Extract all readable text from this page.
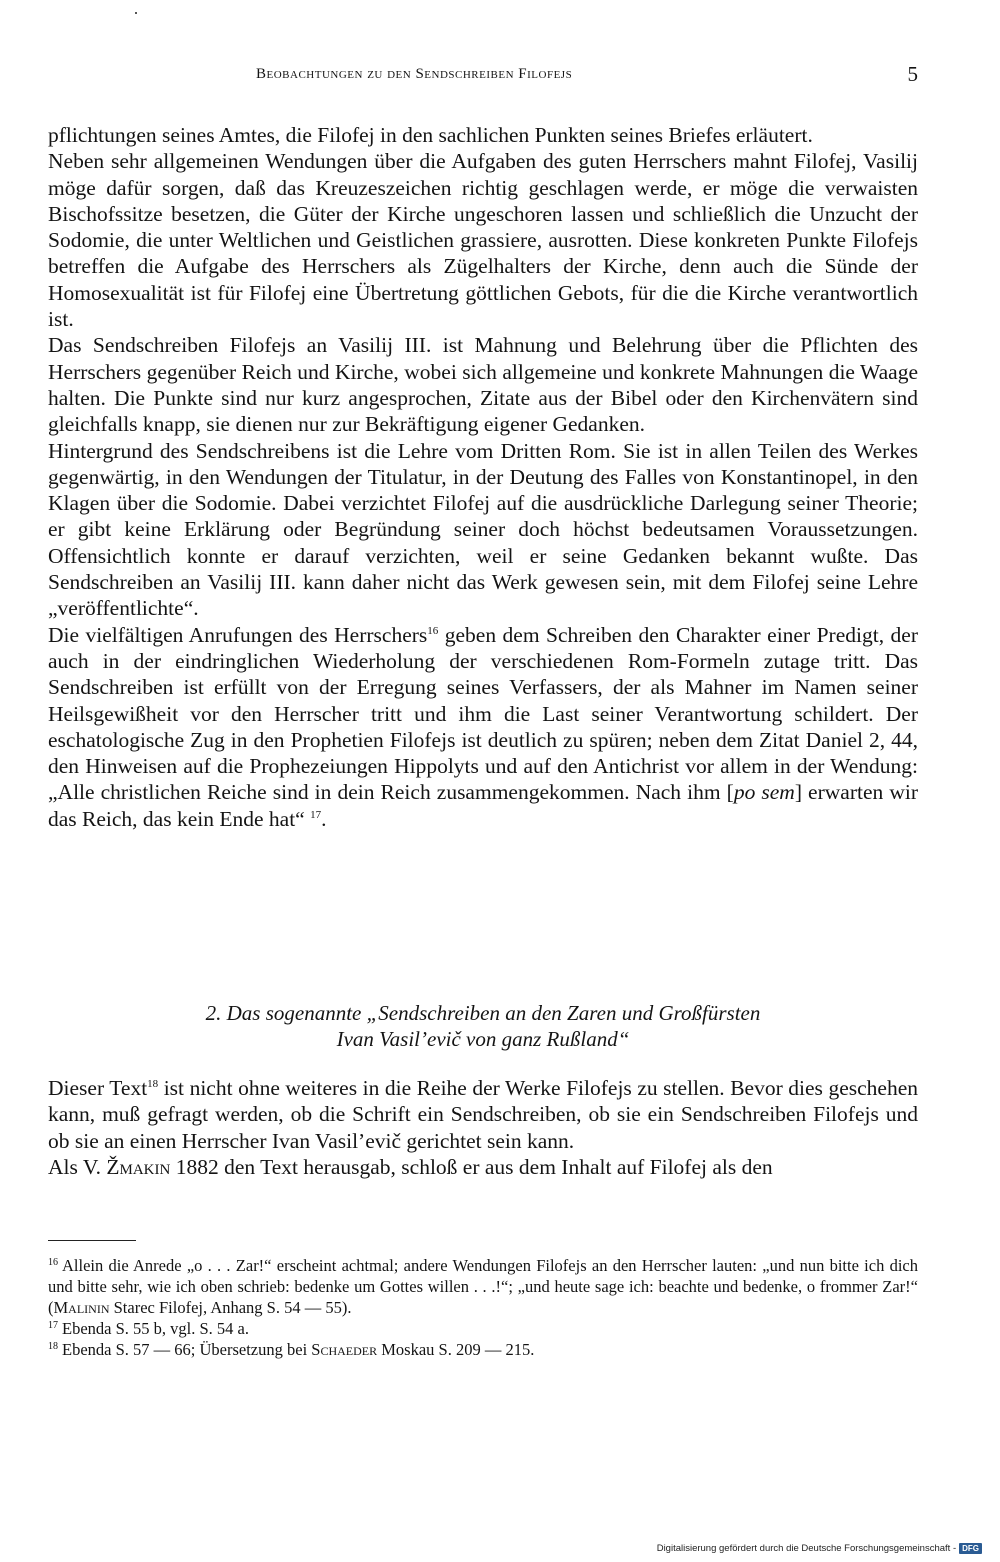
Beobachtungen zu den Sendschreiben Filofejs	5

pflichtungen seines Amtes, die Filofej in den sachlichen Punkten seines Briefes erläutert.

Neben sehr allgemeinen Wendungen über die Aufgaben des guten Herrschers mahnt Filofej, Vasilij möge dafür sorgen, daß das Kreuzeszeichen richtig geschlagen werde, er möge die verwaisten Bischofssitze besetzen, die Güter der Kirche ungeschoren lassen und schließlich die Unzucht der Sodomie, die unter Weltlichen und Geistlichen grassiere, ausrotten. Diese konkreten Punkte Filofejs betreffen die Aufgabe des Herrschers als Zügelhalters der Kirche, denn auch die Sünde der Homosexualität ist für Filofej eine Übertretung göttlichen Gebots, für die die Kirche verantwortlich ist.

Das Sendschreiben Filofejs an Vasilij III. ist Mahnung und Belehrung über die Pflichten des Herrschers gegenüber Reich und Kirche, wobei sich allgemeine und konkrete Mahnungen die Waage halten. Die Punkte sind nur kurz angesprochen, Zitate aus der Bibel oder den Kirchenvätern sind gleichfalls knapp, sie dienen nur zur Bekräftigung eigener Gedanken.

Hintergrund des Sendschreibens ist die Lehre vom Dritten Rom. Sie ist in allen Teilen des Werkes gegenwärtig, in den Wendungen der Titulatur, in der Deutung des Falles von Konstantinopel, in den Klagen über die Sodomie. Dabei verzichtet Filofej auf die ausdrückliche Darlegung seiner Theorie; er gibt keine Erklärung oder Begründung seiner doch höchst bedeutsamen Voraussetzungen. Offensichtlich konnte er darauf verzichten, weil er seine Gedanken bekannt wußte. Das Sendschreiben an Vasilij III. kann daher nicht das Werk gewesen sein, mit dem Filofej seine Lehre „veröffentlichte“.

Die vielfältigen Anrufungen des Herrschers$^{16}$ geben dem Schreiben den Charakter einer Predigt, der auch in der eindringlichen Wiederholung der verschiedenen Rom-Formeln zutage tritt. Das Sendschreiben ist erfüllt von der Erregung seines Verfassers, der als Mahner im Namen seiner Heilsgewißheit vor den Herrscher tritt und ihm die Last seiner Verantwortung schildert. Der eschatologische Zug in den Prophetien Filofejs ist deutlich zu spüren; neben dem Zitat Daniel 2, 44, den Hinweisen auf die Prophezeiungen Hippolyts und auf den Antichrist vor allem in der Wendung: „Alle christlichen Reiche sind in dein Reich zusammengekommen. Nach ihm [po sem] erwarten wir das Reich, das kein Ende hat“ $^{17}$.

2. Das sogenannte „Sendschreiben an den Zaren und Großfürsten
Ivan Vasil’evič von ganz Rußland“

Dieser Text$^{18}$ ist nicht ohne weiteres in die Reihe der Werke Filofejs zu stellen. Bevor dies geschehen kann, muß gefragt werden, ob die Schrift ein Sendschreiben, ob sie ein Sendschreiben Filofejs und ob sie an einen Herrscher Ivan Vasil’evič gerichtet sein kann.

Als V. Žmakin 1882 den Text herausgab, schloß er aus dem Inhalt auf Filofej als den

$^{16}$ Allein die Anrede „o . . . Zar!“ erscheint achtmal; andere Wendungen Filofejs an den Herrscher lauten: „und nun bitte ich dich und bitte sehr, wie ich oben schrieb: bedenke um Gottes willen . . .!“; „und heute sage ich: beachte und bedenke, o frommer Zar!“ (Malinin Starec Filofej, Anhang S. 54 — 55).

$^{17}$ Ebenda S. 55 b, vgl. S. 54 a.

$^{18}$ Ebenda S. 57 — 66; Übersetzung bei Schaeder Moskau S. 209 — 215.

Digitalisierung gefördert durch die Deutsche Forschungsgemeinschaft - DFG
